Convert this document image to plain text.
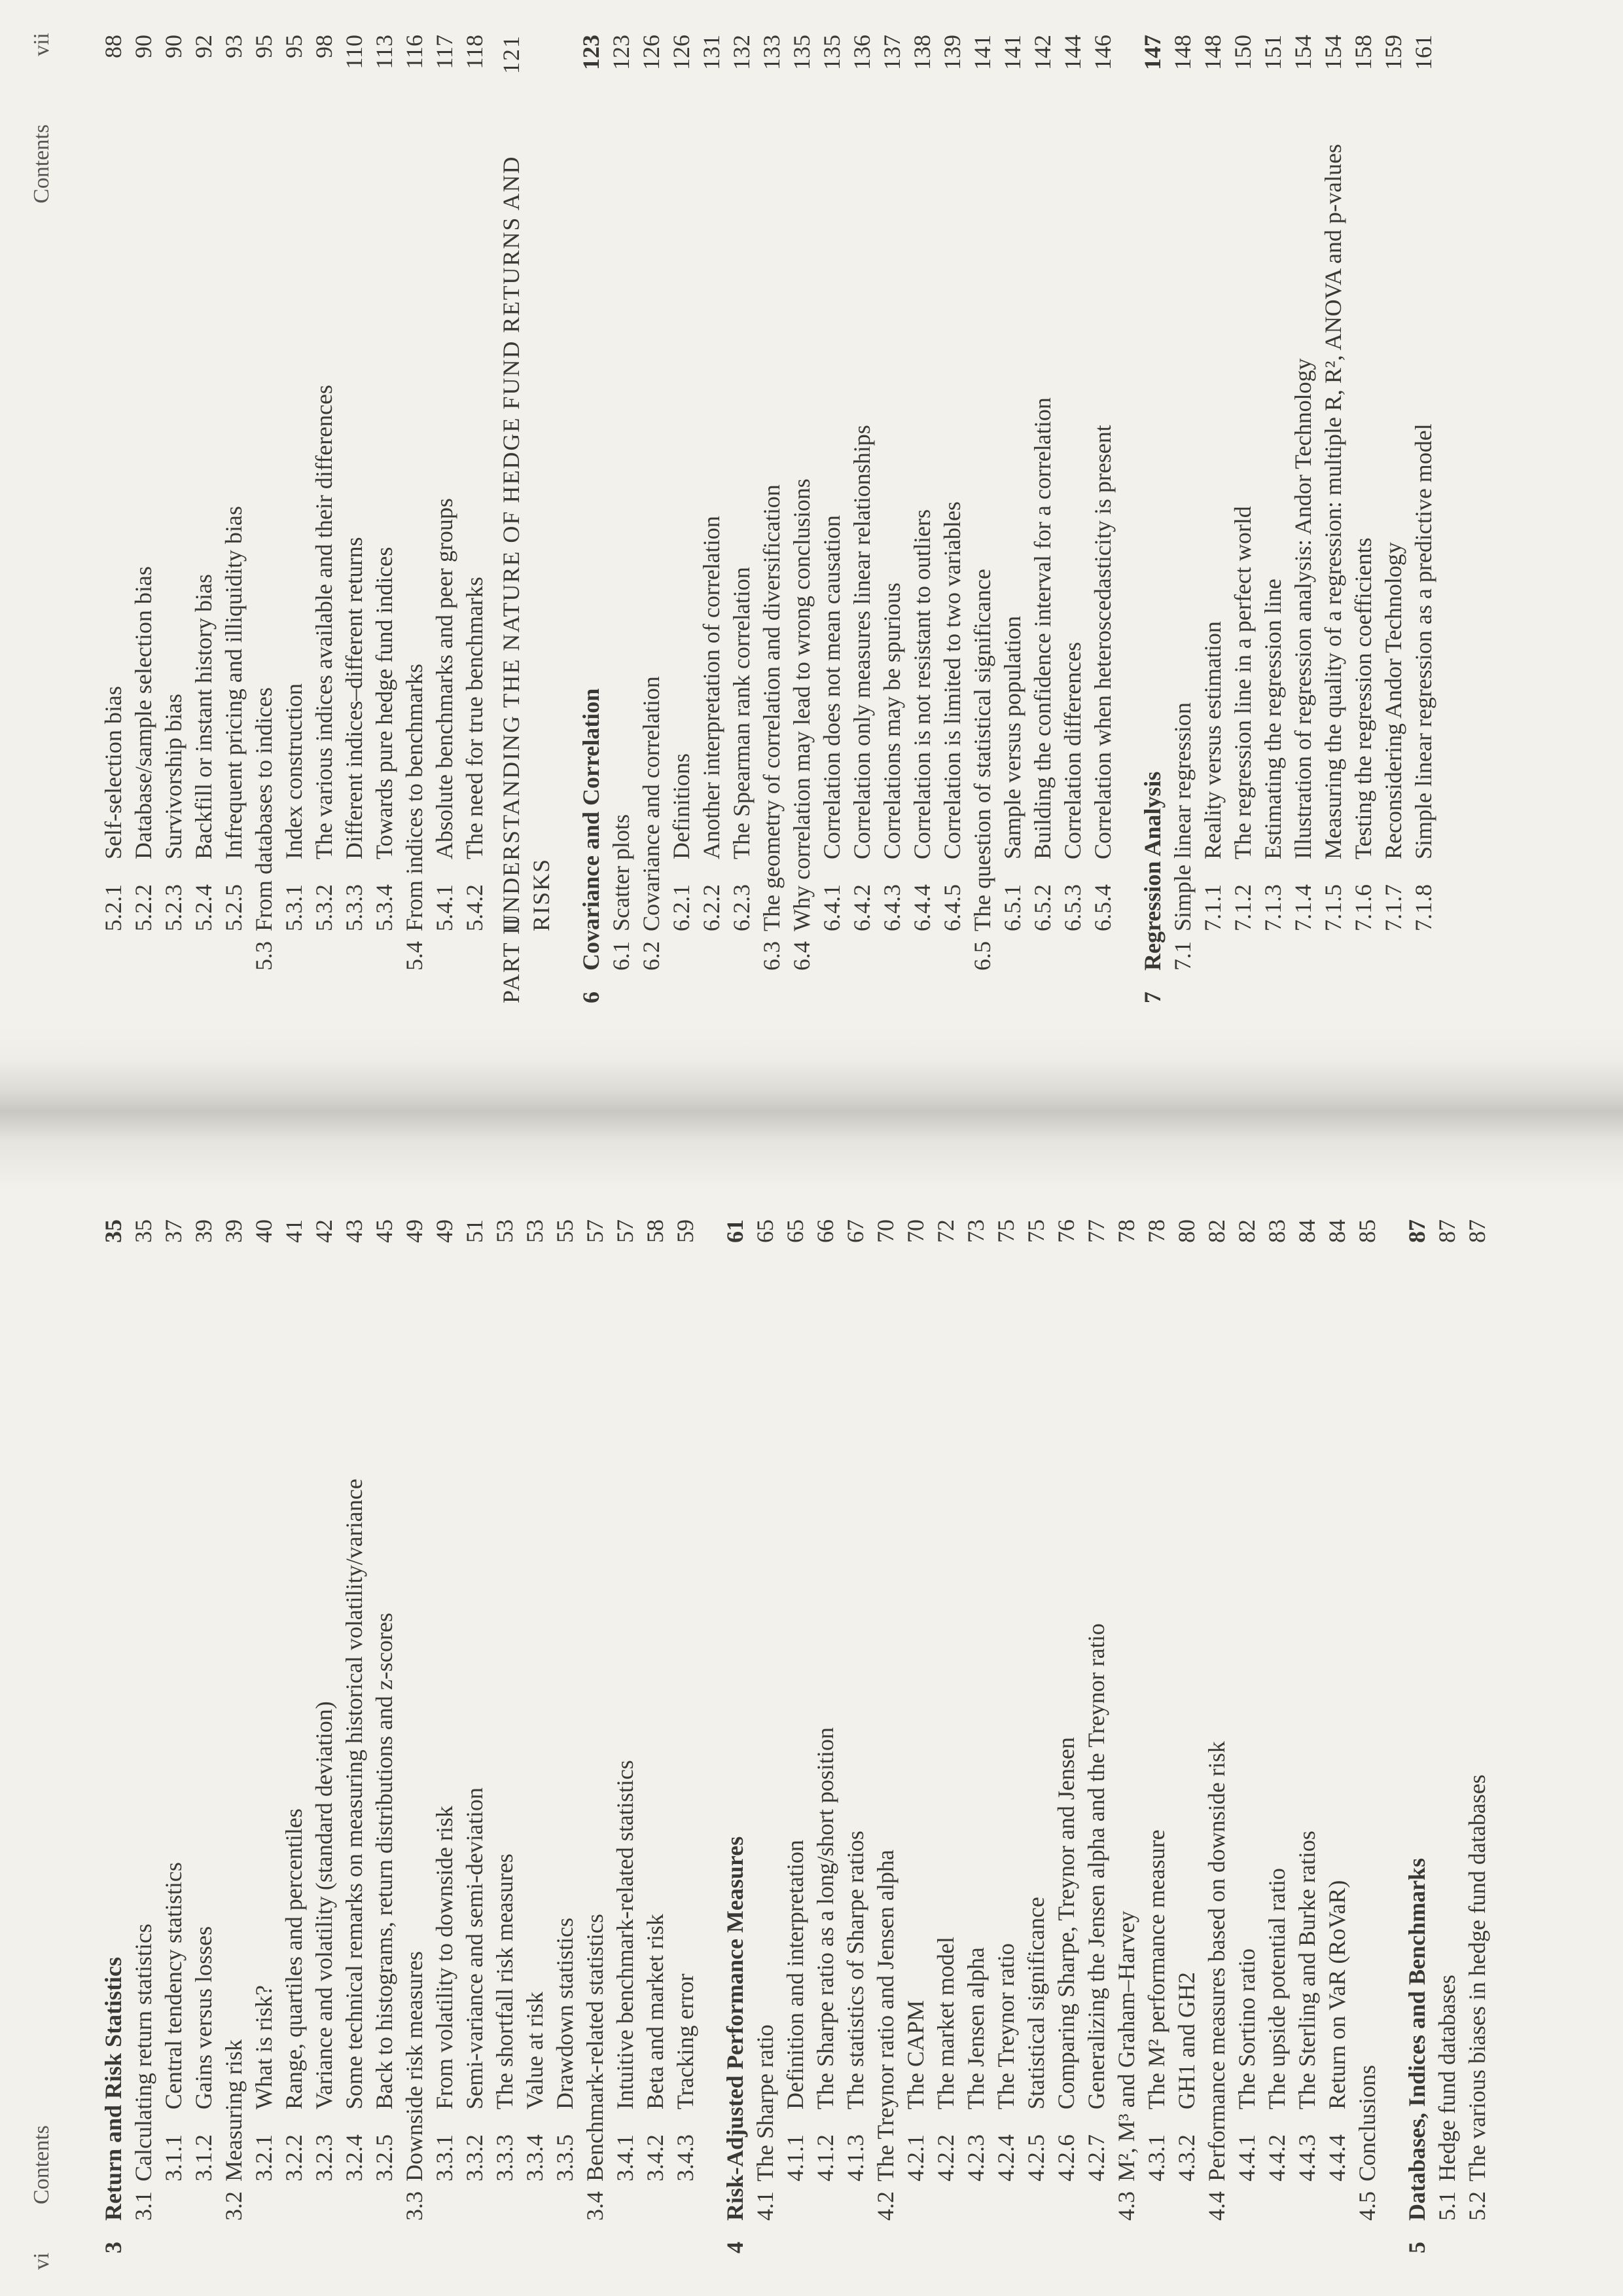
vi
Contents
3
Return and Risk Statistics
35
3.1
Calculating return statistics
35
3.1.1
Central tendency statistics
37
3.1.2
Gains versus losses
39
3.2
Measuring risk
39
3.2.1
What is risk?
40
3.2.2
Range, quartiles and percentiles
41
3.2.3
Variance and volatility (standard deviation)
42
3.2.4
Some technical remarks on measuring historical volatility/variance
43
3.2.5
Back to histograms, return distributions and z-scores
45
3.3
Downside risk measures
49
3.3.1
From volatility to downside risk
49
3.3.2
Semi-variance and semi-deviation
51
3.3.3
The shortfall risk measures
53
3.3.4
Value at risk
53
3.3.5
Drawdown statistics
55
3.4
Benchmark-related statistics
57
3.4.1
Intuitive benchmark-related statistics
57
3.4.2
Beta and market risk
58
3.4.3
Tracking error
59
4
Risk-Adjusted Performance Measures
61
4.1
The Sharpe ratio
65
4.1.1
Definition and interpretation
65
4.1.2
The Sharpe ratio as a long/short position
66
4.1.3
The statistics of Sharpe ratios
67
4.2
The Treynor ratio and Jensen alpha
70
4.2.1
The CAPM
70
4.2.2
The market model
72
4.2.3
The Jensen alpha
73
4.2.4
The Treynor ratio
75
4.2.5
Statistical significance
75
4.2.6
Comparing Sharpe, Treynor and Jensen
76
4.2.7
Generalizing the Jensen alpha and the Treynor ratio
77
4.3
M², M³ and Graham–Harvey
78
4.3.1
The M² performance measure
78
4.3.2
GH1 and GH2
80
4.4
Performance measures based on downside risk
82
4.4.1
The Sortino ratio
82
4.4.2
The upside potential ratio
83
4.4.3
The Sterling and Burke ratios
84
4.4.4
Return on VaR (RoVaR)
84
4.5
Conclusions
85
5
Databases, Indices and Benchmarks
87
5.1
Hedge fund databases
87
5.2
The various biases in hedge fund databases
87
Contents
vii
5.2.1
Self-selection bias
88
5.2.2
Database/sample selection bias
90
5.2.3
Survivorship bias
90
5.2.4
Backfill or instant history bias
92
5.2.5
Infrequent pricing and illiquidity bias
93
5.3
From databases to indices
95
5.3.1
Index construction
95
5.3.2
The various indices available and their differences
98
5.3.3
Different indices–different returns
110
5.3.4
Towards pure hedge fund indices
113
5.4
From indices to benchmarks
116
5.4.1
Absolute benchmarks and peer groups
117
5.4.2
The need for true benchmarks
118
PART II
UNDERSTANDING THE NATURE OF HEDGE FUND RETURNS AND RISKS
121
6
Covariance and Correlation
123
6.1
Scatter plots
123
6.2
Covariance and correlation
126
6.2.1
Definitions
126
6.2.2
Another interpretation of correlation
131
6.2.3
The Spearman rank correlation
132
6.3
The geometry of correlation and diversification
133
6.4
Why correlation may lead to wrong conclusions
135
6.4.1
Correlation does not mean causation
135
6.4.2
Correlation only measures linear relationships
136
6.4.3
Correlations may be spurious
137
6.4.4
Correlation is not resistant to outliers
138
6.4.5
Correlation is limited to two variables
139
6.5
The question of statistical significance
141
6.5.1
Sample versus population
141
6.5.2
Building the confidence interval for a correlation
142
6.5.3
Correlation differences
144
6.5.4
Correlation when heteroscedasticity is present
146
7
Regression Analysis
147
7.1
Simple linear regression
148
7.1.1
Reality versus estimation
148
7.1.2
The regression line in a perfect world
150
7.1.3
Estimating the regression line
151
7.1.4
Illustration of regression analysis: Andor Technology
154
7.1.5
Measuring the quality of a regression: multiple R, R², ANOVA and p-values
154
7.1.6
Testing the regression coefficients
158
7.1.7
Reconsidering Andor Technology
159
7.1.8
Simple linear regression as a predictive model
161
